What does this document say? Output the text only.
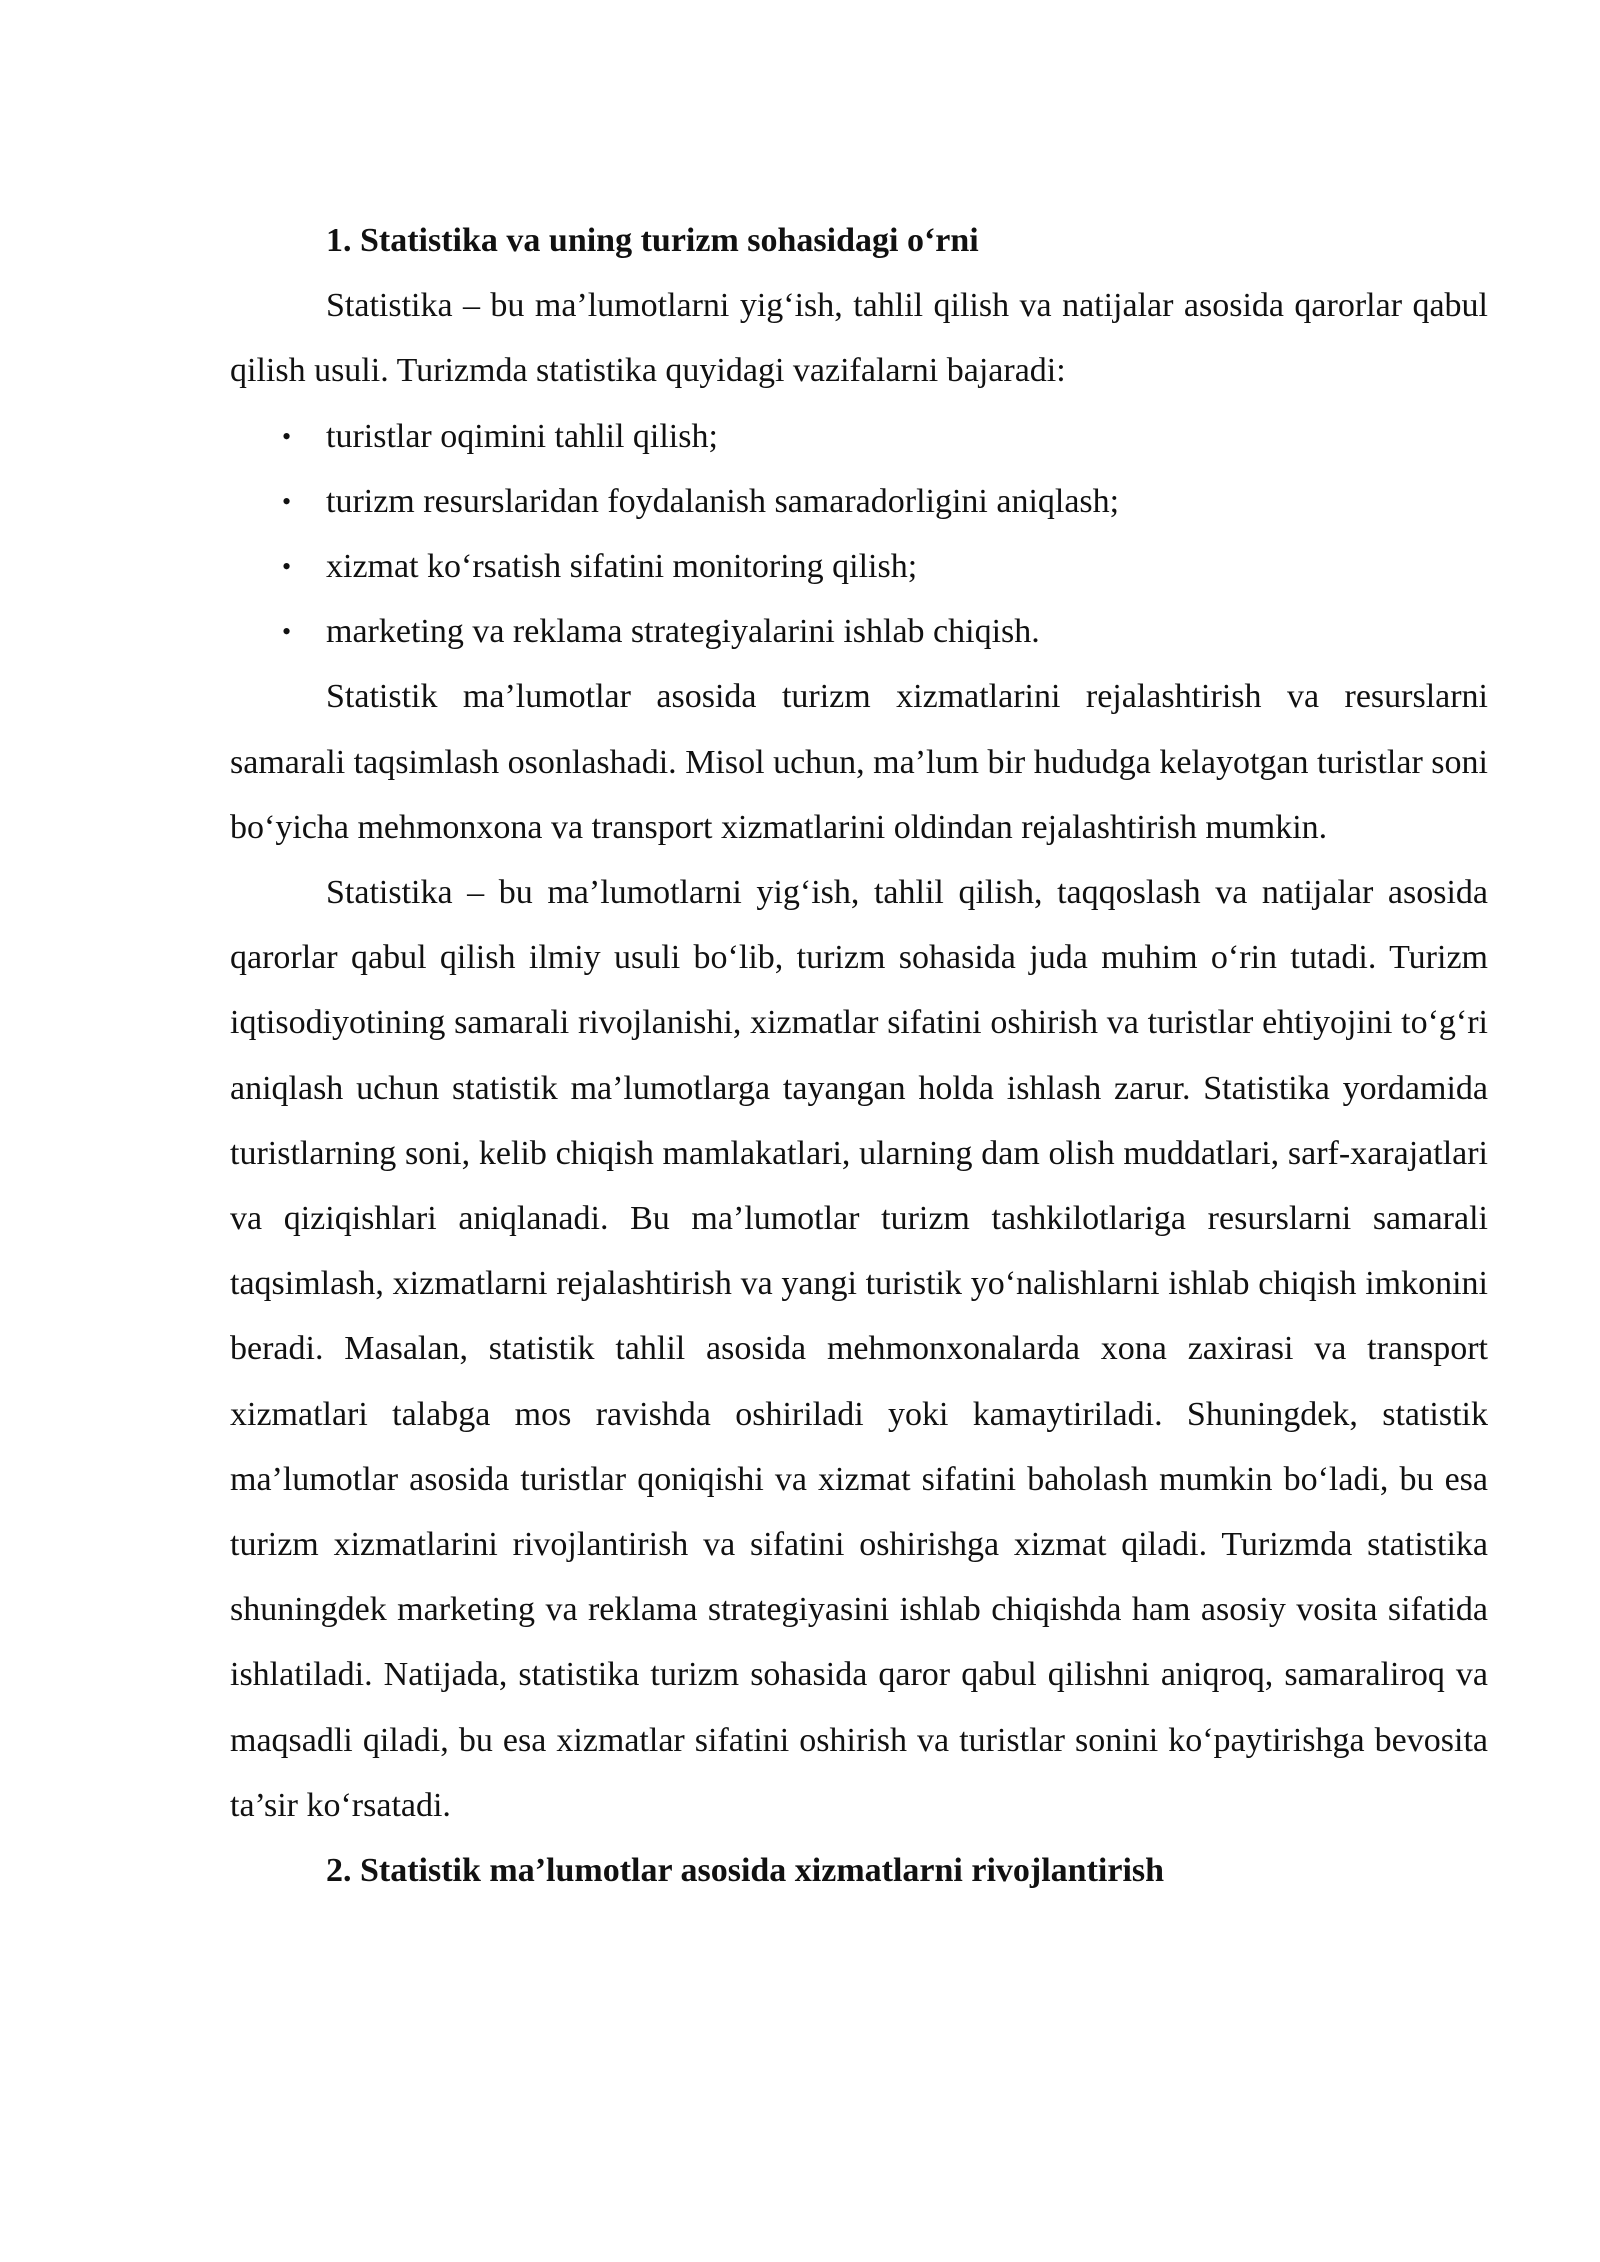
1. Statistika va uning turizm sohasidagi o‘rni

Statistika – bu ma’lumotlarni yig‘ish, tahlil qilish va natijalar asosida qarorlar qabul qilish usuli. Turizmda statistika quyidagi vazifalarni bajaradi:

• turistlar oqimini tahlil qilish;
• turizm resurslaridan foydalanish samaradorligini aniqlash;
• xizmat ko‘rsatish sifatini monitoring qilish;
• marketing va reklama strategiyalarini ishlab chiqish.

Statistik ma’lumotlar asosida turizm xizmatlarini rejalashtirish va resurslarni samarali taqsimlash osonlashadi. Misol uchun, ma’lum bir hududga kelayotgan turistlar soni bo‘yicha mehmonxona va transport xizmatlarini oldindan rejalashtirish mumkin.

Statistika – bu ma’lumotlarni yig‘ish, tahlil qilish, taqqoslash va natijalar asosida qarorlar qabul qilish ilmiy usuli bo‘lib, turizm sohasida juda muhim o‘rin tutadi. Turizm iqtisodiyotining samarali rivojlanishi, xizmatlar sifatini oshirish va turistlar ehtiyojini to‘g‘ri aniqlash uchun statistik ma’lumotlarga tayangan holda ishlash zarur. Statistika yordamida turistlarning soni, kelib chiqish mamlakatlari, ularning dam olish muddatlari, sarf-xarajatlari va qiziqishlari aniqlanadi. Bu ma’lumotlar turizm tashkilotlariga resurslarni samarali taqsimlash, xizmatlarni rejalashtirish va yangi turistik yo‘nalishlarni ishlab chiqish imkonini beradi. Masalan, statistik tahlil asosida mehmonxonalarda xona zaxirasi va transport xizmatlari talabga mos ravishda oshiriladi yoki kamaytiriladi. Shuningdek, statistik ma’lumotlar asosida turistlar qoniqishi va xizmat sifatini baholash mumkin bo‘ladi, bu esa turizm xizmatlarini rivojlantirish va sifatini oshirishga xizmat qiladi. Turizmda statistika shuningdek marketing va reklama strategiyasini ishlab chiqishda ham asosiy vosita sifatida ishlatiladi. Natijada, statistika turizm sohasida qaror qabul qilishni aniqroq, samaraliroq va maqsadli qiladi, bu esa xizmatlar sifatini oshirish va turistlar sonini ko‘paytirishga bevosita ta’sir ko‘rsatadi.

2. Statistik ma’lumotlar asosida xizmatlarni rivojlantirish
